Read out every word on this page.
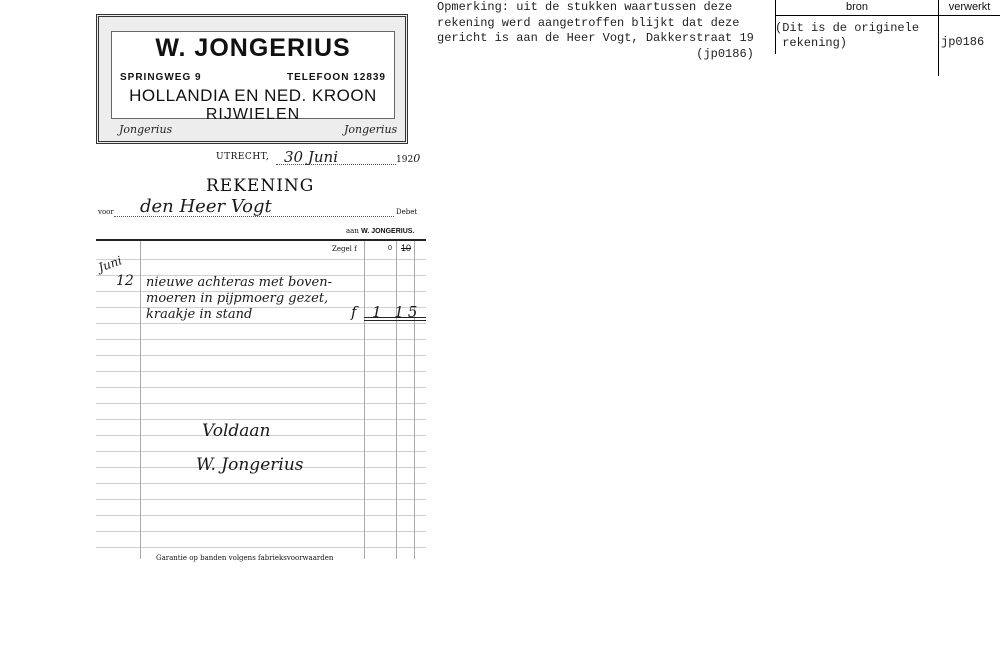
W. JONGERIUS
SPRINGWEG 9	TELEFOON 12839
HOLLANDIA EN NED. KROON
RIJWIELEN
Jongerius	Jongerius
UTRECHT, 30 Juni	1920
REKENING
voor den Heer Vogt	Debet
aan W. JONGERIUS.
Zegel f	0 10
Juni
12 nieuwe achteras met boven-
moeren in pijpmoerg gezet,
kraakje in stand	f 1 15
Voldaan
W. Jongerius
Garantie op banden volgens fabrieksvoorwaarden
Opmerking: uit de stukken waartussen deze
rekening werd aangetroffen blijkt dat deze
gericht is aan de Heer Vogt, Dakkerstraat 19
(jp0186)
bron	verwerkt
(Dit is de originele
rekening)	jp0186
